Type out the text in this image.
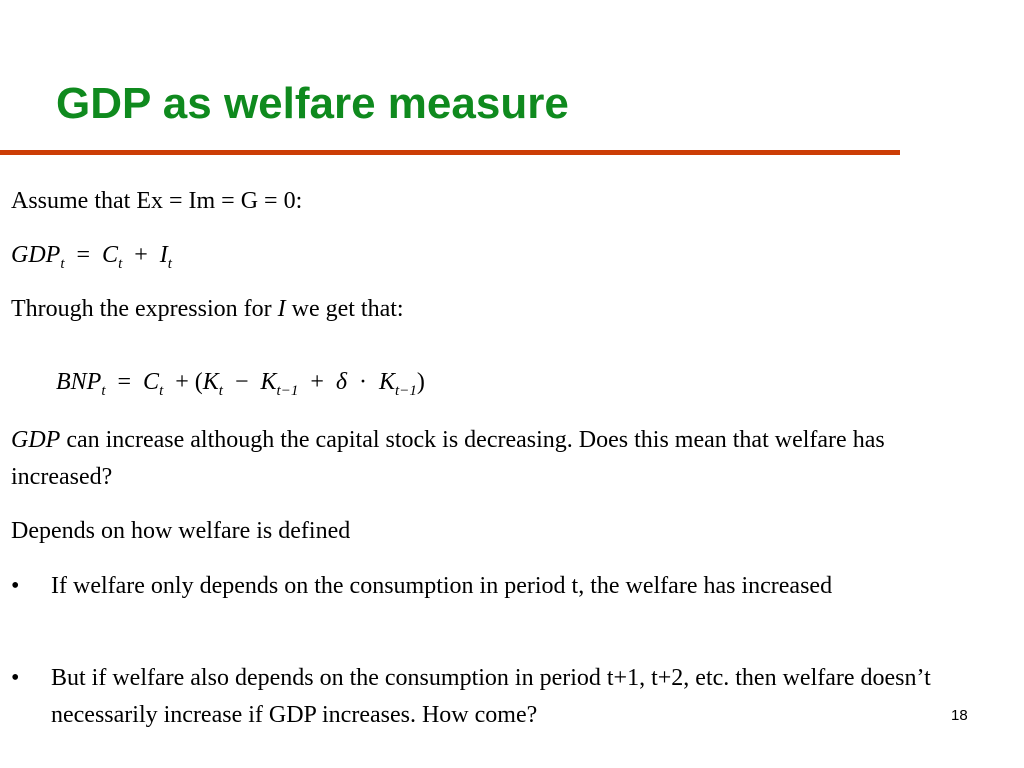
GDP as welfare measure
Assume that Ex = Im = G = 0:
$GDP_t = C_t + I_t$
Through the expression for I we get that:
$BNP_t = C_t + (K_t - K_{t-1} + \delta \cdot K_{t-1})$

GDP can increase although the capital stock is decreasing. Does this mean that welfare has increased?

Depends on how welfare is defined
• If welfare only depends on the consumption in period t, the welfare has increased
• But if welfare also depends on the consumption in period t+1, t+2, etc. then welfare doesn’t necessarily increase if GDP increases. How come?	18
